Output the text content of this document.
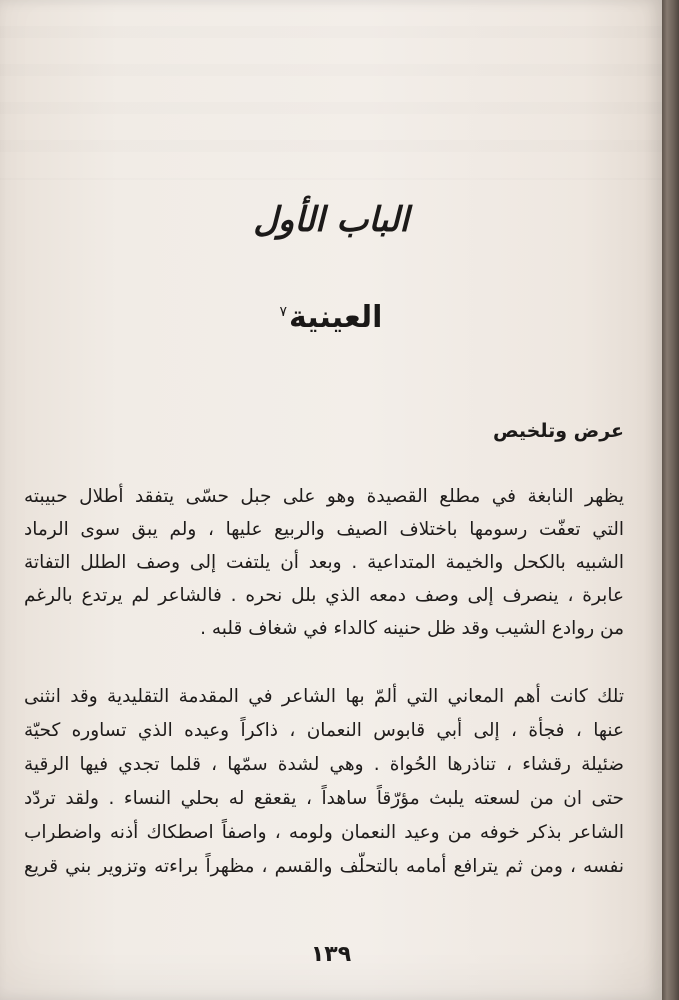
الباب الأول
العينية$^٧$
عرض وتلخيص
يظهر النابغة في مطلع القصيدة وهو على جبل حسّى يتفقد أطلال حبيبته
التي تعفّت رسومها باختلاف الصيف والربيع عليها ، ولم يبق سوى الرماد
الشبيه بالكحل والخيمة المتداعية . وبعد أن يلتفت إلى وصف الطلل التفاتة
عابرة ، ينصرف إلى وصف دمعه الذي بلل نحره . فالشاعر لم يرتدع بالرغم
من روادع الشيب وقد ظل حنينه كالداء في شغاف قلبه .
تلك كانت أهم المعاني التي ألمّ بها الشاعر في المقدمة التقليدية وقد انثنى
عنها ، فجأة ، إلى أبي قابوس النعمان ، ذاكراً وعيده الذي تساوره كحيّة
ضئيلة رقشاء ، تناذرها الحُواة . وهي لشدة سمّها ، قلما تجدي فيها الرقية
حتى ان من لسعته يلبث مؤرّقاً ساهداً ، يقعقع له بحلي النساء . ولقد تردّد
الشاعر بذكر خوفه من وعيد النعمان ولومه ، واصفاً اصطكاك أذنه واضطراب
نفسه ، ومن ثم يترافع أمامه بالتحلّف والقسم ، مظهراً براءته وتزوير بني قريع
١٣٩
